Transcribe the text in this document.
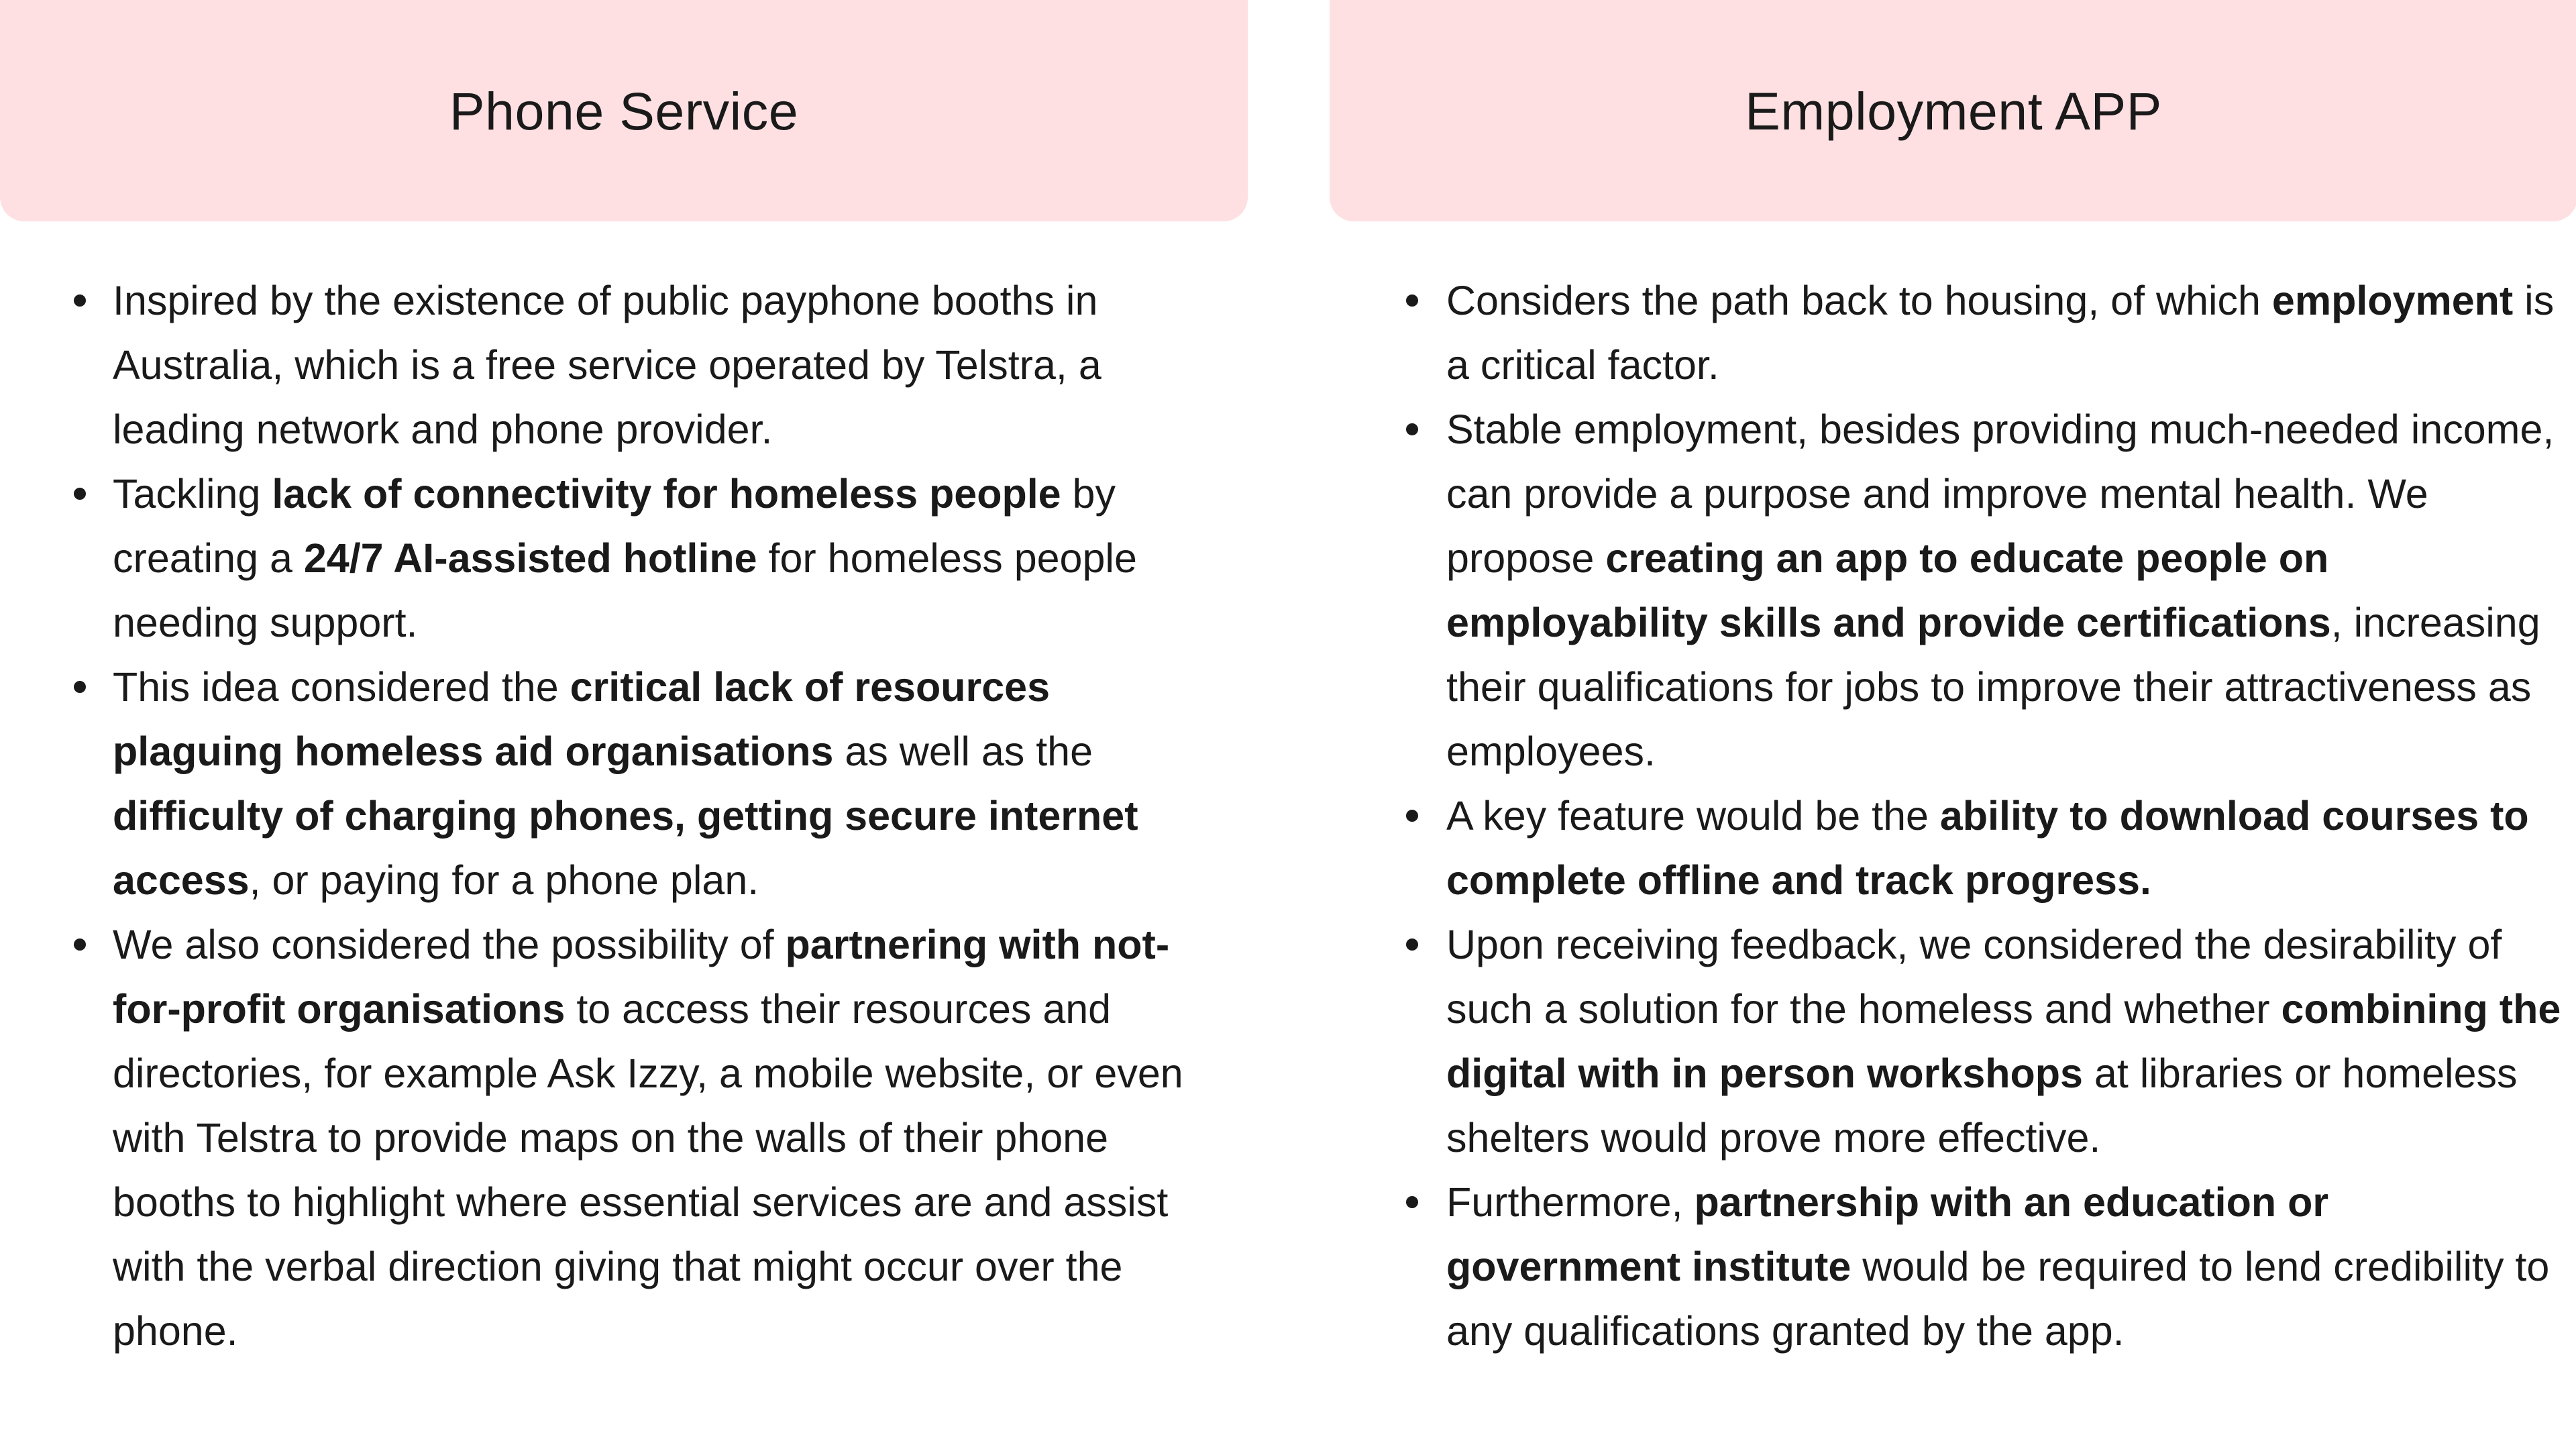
Phone Service
Inspired by the existence of public payphone booths in Australia, which is a free service operated by Telstra, a leading network and phone provider.
Tackling lack of connectivity for homeless people by creating a 24/7 AI-assisted hotline for homeless people needing support.
This idea considered the critical lack of resources plaguing homeless aid organisations as well as the difficulty of charging phones, getting secure internet access, or paying for a phone plan.
We also considered the possibility of partnering with not-for-profit organisations to access their resources and directories, for example Ask Izzy, a mobile website, or even with Telstra to provide maps on the walls of their phone booths to highlight where essential services are and assist with the verbal direction giving that might occur over the phone.
Employment APP
Considers the path back to housing, of which employment is a critical factor.
Stable employment, besides providing much-needed income, can provide a purpose and improve mental health. We propose creating an app to educate people on employability skills and provide certifications, increasing their qualifications for jobs to improve their attractiveness as employees.
A key feature would be the ability to download courses to complete offline and track progress.
Upon receiving feedback, we considered the desirability of such a solution for the homeless and whether combining the digital with in person workshops at libraries or homeless shelters would prove more effective.
Furthermore, partnership with an education or government institute would be required to lend credibility to any qualifications granted by the app.
